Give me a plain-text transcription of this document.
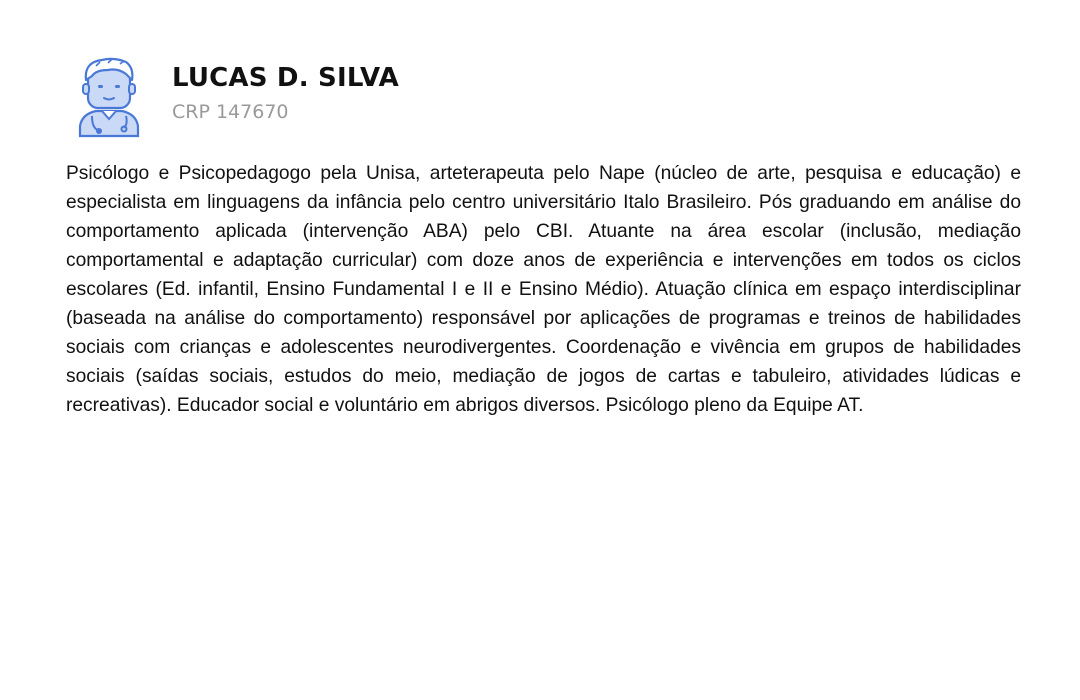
LUCAS D. SILVA
CRP 147670
Psicólogo e Psicopedagogo pela Unisa, arteterapeuta pelo Nape (núcleo de arte, pesquisa e educação) e especialista em linguagens da infância pelo centro universitário Italo Brasileiro. Pós graduando em análise do comportamento aplicada (intervenção ABA) pelo CBI. Atuante na área escolar (inclusão, mediação comportamental e adaptação curricular) com doze anos de experiência e intervenções em todos os ciclos escolares (Ed. infantil, Ensino Fundamental I e II e Ensino Médio). Atuação clínica em espaço interdisciplinar (baseada na análise do comportamento) responsável por aplicações de programas e treinos de habilidades sociais com crianças e adolescentes neurodivergentes. Coordenação e vivência em grupos de habilidades sociais (saídas sociais, estudos do meio, mediação de jogos de cartas e tabuleiro, atividades lúdicas e recreativas). Educador social e voluntário em abrigos diversos. Psicólogo pleno da Equipe AT.
